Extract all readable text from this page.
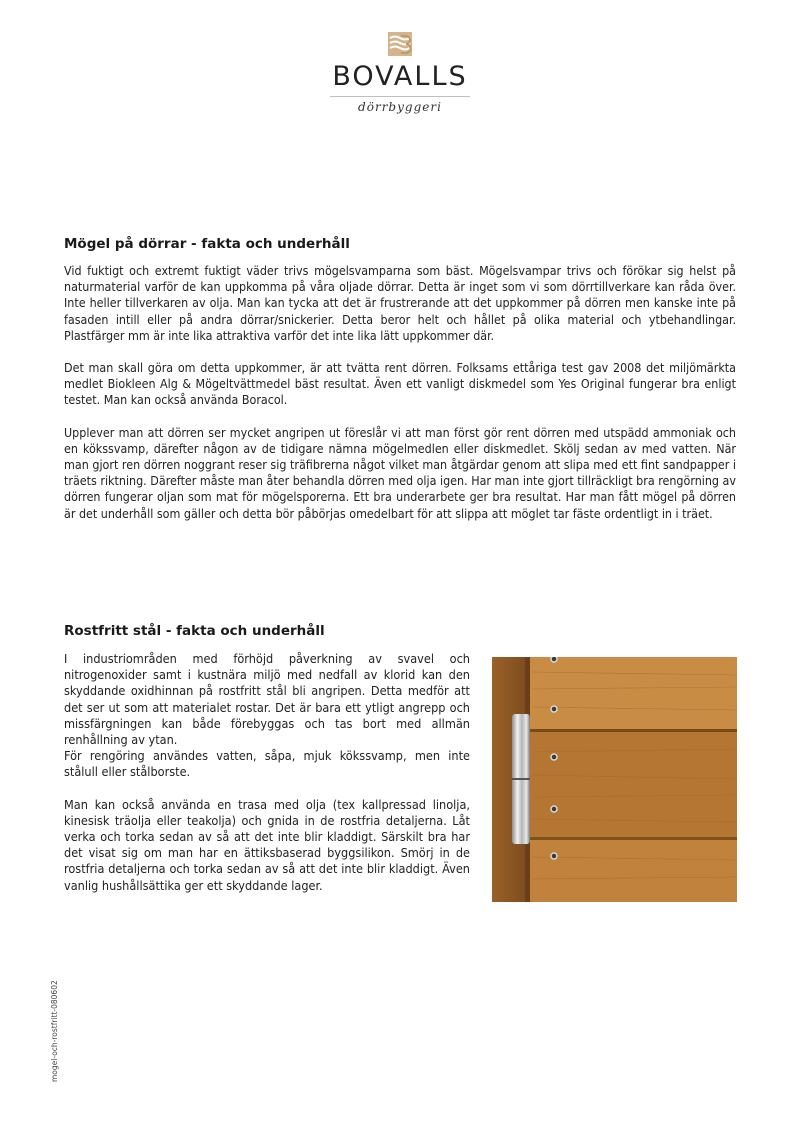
BOVALLS
dörrbyggeri
Mögel på dörrar - fakta och underhåll

Vid fuktigt och extremt fuktigt väder trivs mögelsvamparna som bäst. Mögelsvampar trivs och förökar sig helst på naturmaterial varför de kan uppkomma på våra oljade dörrar. Detta är inget som vi som dörrtillverkare kan råda över. Inte heller tillverkaren av olja. Man kan tycka att det är frustrerande att det uppkommer på dörren men kanske inte på fasaden intill eller på andra dörrar/snickerier. Detta beror helt och hållet på olika material och ytbehandlingar. Plastfärger mm är inte lika attraktiva varför det inte lika lätt uppkommer där.

Det man skall göra om detta uppkommer, är att tvätta rent dörren. Folksams ettåriga test gav 2008 det miljömärkta medlet Biokleen Alg & Mögeltvättmedel bäst resultat. Även ett vanligt diskmedel som Yes Original fungerar bra enligt testet. Man kan också använda Boracol.

Upplever man att dörren ser mycket angripen ut föreslår vi att man först gör rent dörren med utspädd ammoniak och en kökssvamp, därefter någon av de tidigare nämna mögelmedlen eller diskmedlet. Skölj sedan av med vatten. När man gjort ren dörren noggrant reser sig träfibrerna något vilket man åtgärdar genom att slipa med ett fint sandpapper i träets riktning. Därefter måste man åter behandla dörren med olja igen. Har man inte gjort tillräckligt bra rengörning av dörren fungerar oljan som mat för mögelsporerna. Ett bra underarbete ger bra resultat. Har man fått mögel på dörren är det underhåll som gäller och detta bör påbörjas omedelbart för att slippa att möglet tar fäste ordentligt in i träet.

Rostfritt stål - fakta och underhåll

I industriområden med förhöjd påverkning av svavel och nitrogenoxider samt i kustnära miljö med nedfall av klorid kan den skyddande oxidhinnan på rostfritt stål bli angripen. Detta medför att det ser ut som att materialet rostar. Det är bara ett ytligt angrepp och missfärgningen kan både förebyggas och tas bort med allmän renhållning av ytan.
För rengöring användes vatten, såpa, mjuk kökssvamp, men inte stålull eller stålborste.

Man kan också använda en trasa med olja (tex kallpressad linolja, kinesisk träolja eller teakolja) och gnida in de rostfria detaljerna. Låt verka och torka sedan av så att det inte blir kladdigt. Särskilt bra har det visat sig om man har en ättiksbaserad byggsilikon. Smörj in de rostfria detaljerna och torka sedan av så att det inte blir kladdigt. Även vanlig hushållsättika ger ett skyddande lager.

mogel-och-rostfritt-080602
